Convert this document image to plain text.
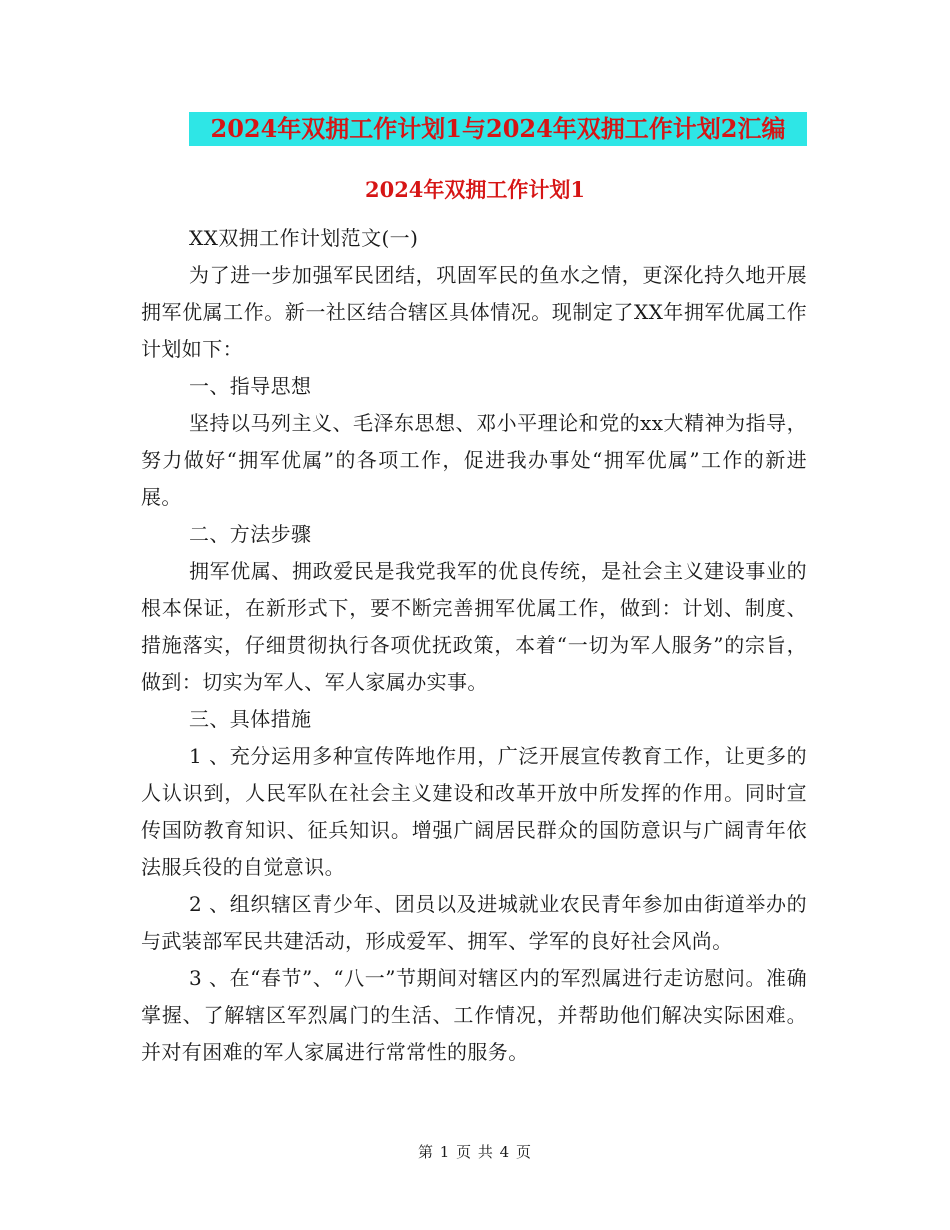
2024年双拥工作计划1与2024年双拥工作计划2汇编
2024年双拥工作计划1

XX双拥工作计划范文(一)

为了进一步加强军民团结，巩固军民的鱼水之情，更深化持久地开展拥军优属工作。新一社区结合辖区具体情况。现制定了XX年拥军优属工作计划如下：

一、指导思想

坚持以马列主义、毛泽东思想、邓小平理论和党的xx大精神为指导，努力做好“拥军优属”的各项工作，促进我办事处“拥军优属”工作的新进展。

二、方法步骤

拥军优属、拥政爱民是我党我军的优良传统，是社会主义建设事业的根本保证，在新形式下，要不断完善拥军优属工作，做到：计划、制度、措施落实，仔细贯彻执行各项优抚政策，本着“一切为军人服务”的宗旨，做到：切实为军人、军人家属办实事。

三、具体措施

1 、充分运用多种宣传阵地作用，广泛开展宣传教育工作，让更多的人认识到，人民军队在社会主义建设和改革开放中所发挥的作用。同时宣传国防教育知识、征兵知识。增强广阔居民群众的国防意识与广阔青年依法服兵役的自觉意识。

2 、组织辖区青少年、团员以及进城就业农民青年参加由街道举办的与武装部军民共建活动，形成爱军、拥军、学军的良好社会风尚。

3 、在“春节”、“八一”节期间对辖区内的军烈属进行走访慰问。准确掌握、了解辖区军烈属门的生活、工作情况，并帮助他们解决实际困难。并对有困难的军人家属进行常常性的服务。

第 1 页 共 4 页
